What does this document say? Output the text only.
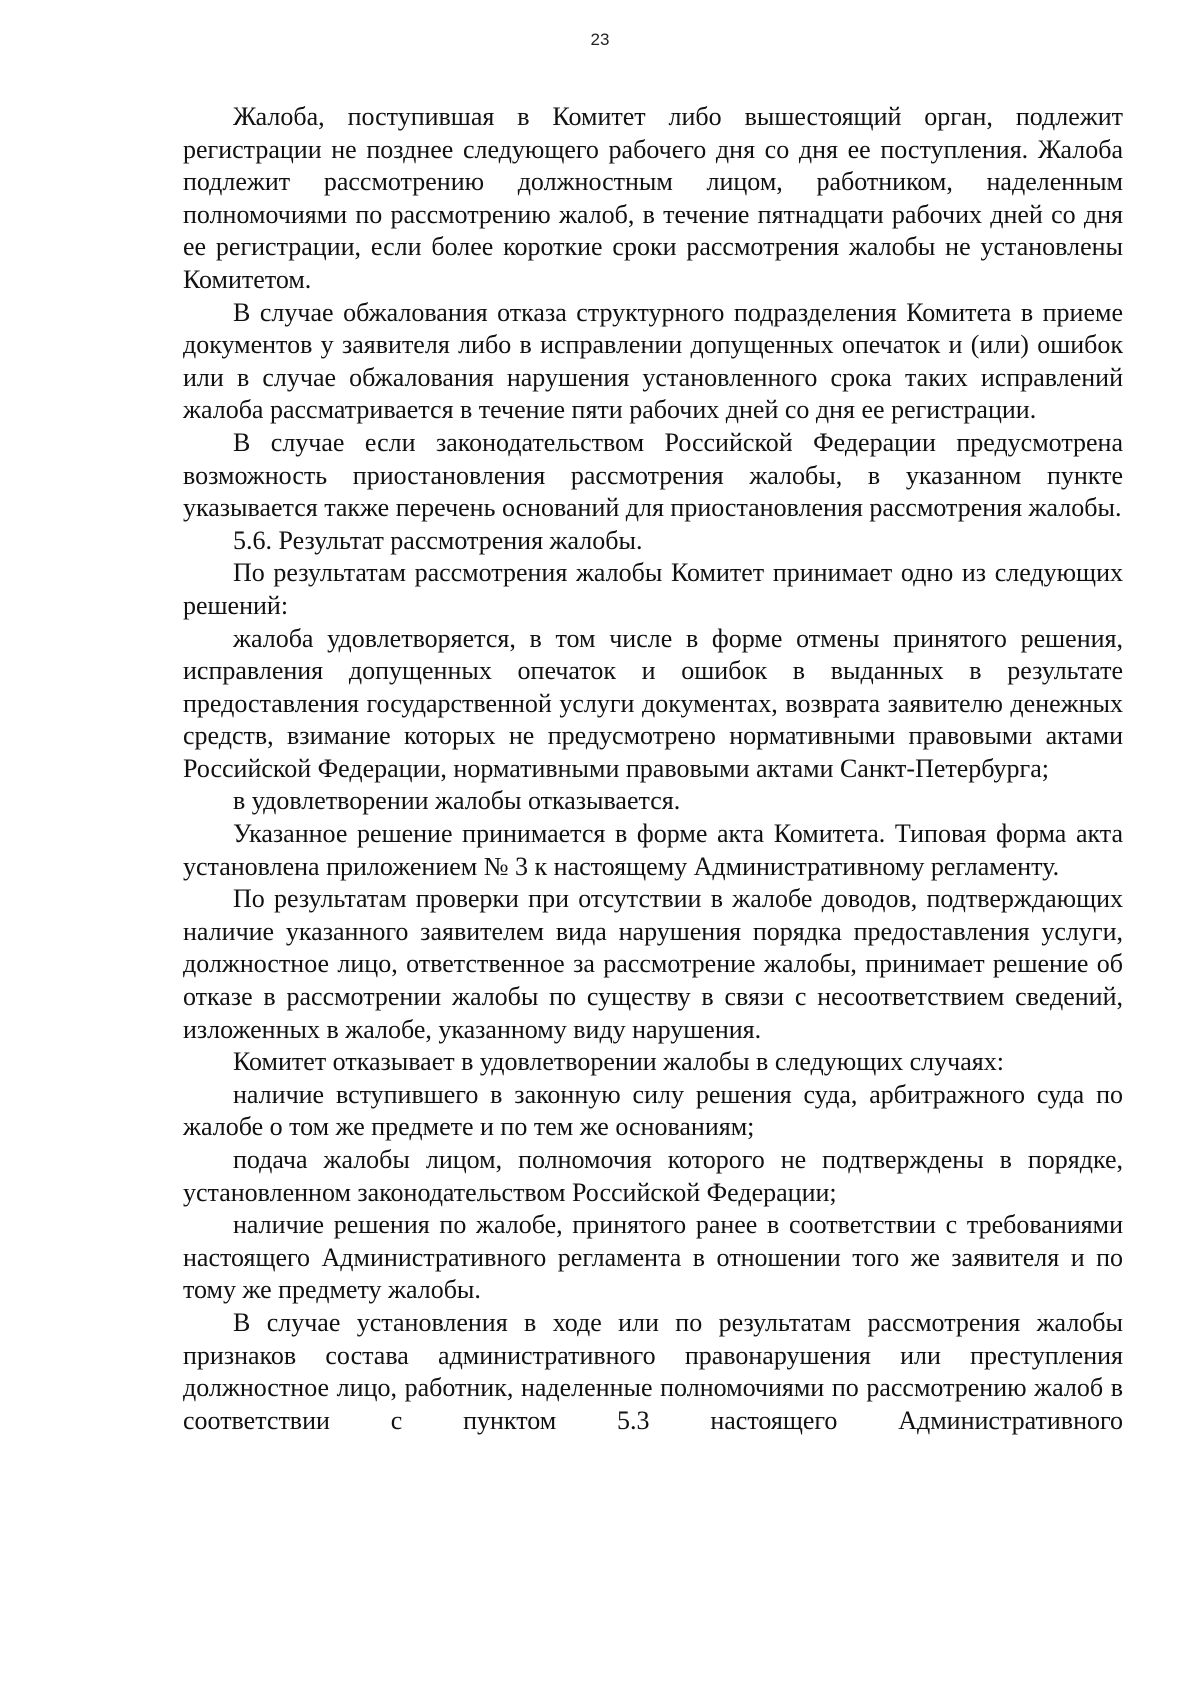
23

Жалоба, поступившая в Комитет либо вышестоящий орган, подлежит регистрации не позднее следующего рабочего дня со дня ее поступления. Жалоба подлежит рассмотрению должностным лицом, работником, наделенным полномочиями по рассмотрению жалоб, в течение пятнадцати рабочих дней со дня ее регистрации, если более короткие сроки рассмотрения жалобы не установлены Комитетом.

В случае обжалования отказа структурного подразделения Комитета в приеме документов у заявителя либо в исправлении допущенных опечаток и (или) ошибок или в случае обжалования нарушения установленного срока таких исправлений жалоба рассматривается в течение пяти рабочих дней со дня ее регистрации.

В случае если законодательством Российской Федерации предусмотрена возможность приостановления рассмотрения жалобы, в указанном пункте указывается также перечень оснований для приостановления рассмотрения жалобы.

5.6. Результат рассмотрения жалобы.

По результатам рассмотрения жалобы Комитет принимает одно из следующих решений:

жалоба удовлетворяется, в том числе в форме отмены принятого решения, исправления допущенных опечаток и ошибок в выданных в результате предоставления государственной услуги документах, возврата заявителю денежных средств, взимание которых не предусмотрено нормативными правовыми актами Российской Федерации, нормативными правовыми актами Санкт-Петербурга;

в удовлетворении жалобы отказывается.

Указанное решение принимается в форме акта Комитета. Типовая форма акта установлена приложением № 3 к настоящему Административному регламенту.

По результатам проверки при отсутствии в жалобе доводов, подтверждающих наличие указанного заявителем вида нарушения порядка предоставления услуги, должностное лицо, ответственное за рассмотрение жалобы, принимает решение об отказе в рассмотрении жалобы по существу в связи с несоответствием сведений, изложенных в жалобе, указанному виду нарушения.

Комитет отказывает в удовлетворении жалобы в следующих случаях:

наличие вступившего в законную силу решения суда, арбитражного суда по жалобе о том же предмете и по тем же основаниям;

подача жалобы лицом, полномочия которого не подтверждены в порядке, установленном законодательством Российской Федерации;

наличие решения по жалобе, принятого ранее в соответствии с требованиями настоящего Административного регламента в отношении того же заявителя и по тому же предмету жалобы.

В случае установления в ходе или по результатам рассмотрения жалобы признаков состава административного правонарушения или преступления должностное лицо, работник, наделенные полномочиями по рассмотрению жалоб в соответствии с пунктом 5.3 настоящего Административного
